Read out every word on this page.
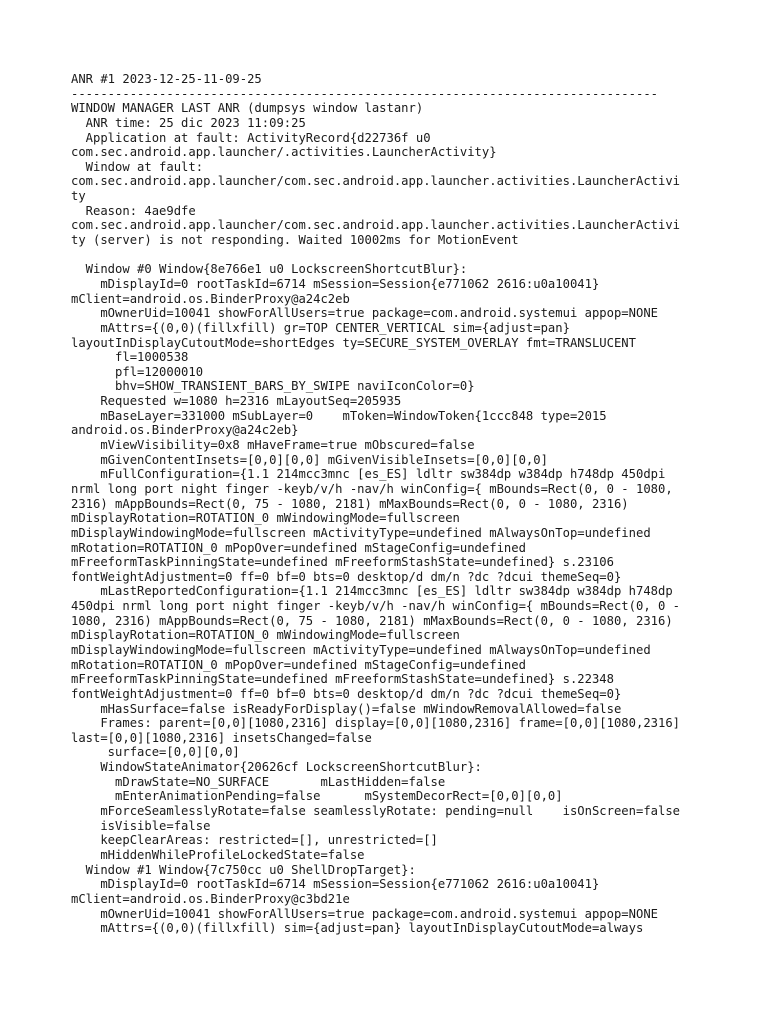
ANR #1 2023-12-25-11-09-25
--------------------------------------------------------------------------------
WINDOW MANAGER LAST ANR (dumpsys window lastanr)
ANR time: 25 dic 2023 11:09:25
Application at fault: ActivityRecord{d22736f u0
com.sec.android.app.launcher/.activities.LauncherActivity}
Window at fault:
com.sec.android.app.launcher/com.sec.android.app.launcher.activities.LauncherActivi
ty
Reason: 4ae9dfe
com.sec.android.app.launcher/com.sec.android.app.launcher.activities.LauncherActivi
ty (server) is not responding. Waited 10002ms for MotionEvent
Window #0 Window{8e766e1 u0 LockscreenShortcutBlur}:
mDisplayId=0 rootTaskId=6714 mSession=Session{e771062 2616:u0a10041}
mClient=android.os.BinderProxy@a24c2eb
mOwnerUid=10041 showForAllUsers=true package=com.android.systemui appop=NONE
mAttrs={(0,0)(fillxfill) gr=TOP CENTER_VERTICAL sim={adjust=pan}
layoutInDisplayCutoutMode=shortEdges ty=SECURE_SYSTEM_OVERLAY fmt=TRANSLUCENT
fl=1000538
pfl=12000010
bhv=SHOW_TRANSIENT_BARS_BY_SWIPE naviIconColor=0}
Requested w=1080 h=2316 mLayoutSeq=205935
mBaseLayer=331000 mSubLayer=0    mToken=WindowToken{1ccc848 type=2015
android.os.BinderProxy@a24c2eb}
mViewVisibility=0x8 mHaveFrame=true mObscured=false
mGivenContentInsets=[0,0][0,0] mGivenVisibleInsets=[0,0][0,0]
mFullConfiguration={1.1 214mcc3mnc [es_ES] ldltr sw384dp w384dp h748dp 450dpi
nrml long port night finger -keyb/v/h -nav/h winConfig={ mBounds=Rect(0, 0 - 1080,
2316) mAppBounds=Rect(0, 75 - 1080, 2181) mMaxBounds=Rect(0, 0 - 1080, 2316)
mDisplayRotation=ROTATION_0 mWindowingMode=fullscreen
mDisplayWindowingMode=fullscreen mActivityType=undefined mAlwaysOnTop=undefined
mRotation=ROTATION_0 mPopOver=undefined mStageConfig=undefined
mFreeformTaskPinningState=undefined mFreeformStashState=undefined} s.23106
fontWeightAdjustment=0 ff=0 bf=0 bts=0 desktop/d dm/n ?dc ?dcui themeSeq=0}
mLastReportedConfiguration={1.1 214mcc3mnc [es_ES] ldltr sw384dp w384dp h748dp
450dpi nrml long port night finger -keyb/v/h -nav/h winConfig={ mBounds=Rect(0, 0 -
1080, 2316) mAppBounds=Rect(0, 75 - 1080, 2181) mMaxBounds=Rect(0, 0 - 1080, 2316)
mDisplayRotation=ROTATION_0 mWindowingMode=fullscreen
mDisplayWindowingMode=fullscreen mActivityType=undefined mAlwaysOnTop=undefined
mRotation=ROTATION_0 mPopOver=undefined mStageConfig=undefined
mFreeformTaskPinningState=undefined mFreeformStashState=undefined} s.22348
fontWeightAdjustment=0 ff=0 bf=0 bts=0 desktop/d dm/n ?dc ?dcui themeSeq=0}
mHasSurface=false isReadyForDisplay()=false mWindowRemovalAllowed=false
Frames: parent=[0,0][1080,2316] display=[0,0][1080,2316] frame=[0,0][1080,2316]
last=[0,0][1080,2316] insetsChanged=false
surface=[0,0][0,0]
WindowStateAnimator{20626cf LockscreenShortcutBlur}:
mDrawState=NO_SURFACE       mLastHidden=false
mEnterAnimationPending=false      mSystemDecorRect=[0,0][0,0]
mForceSeamlesslyRotate=false seamlesslyRotate: pending=null    isOnScreen=false
isVisible=false
keepClearAreas: restricted=[], unrestricted=[]
mHiddenWhileProfileLockedState=false
Window #1 Window{7c750cc u0 ShellDropTarget}:
mDisplayId=0 rootTaskId=6714 mSession=Session{e771062 2616:u0a10041}
mClient=android.os.BinderProxy@c3bd21e
mOwnerUid=10041 showForAllUsers=true package=com.android.systemui appop=NONE
mAttrs={(0,0)(fillxfill) sim={adjust=pan} layoutInDisplayCutoutMode=always
